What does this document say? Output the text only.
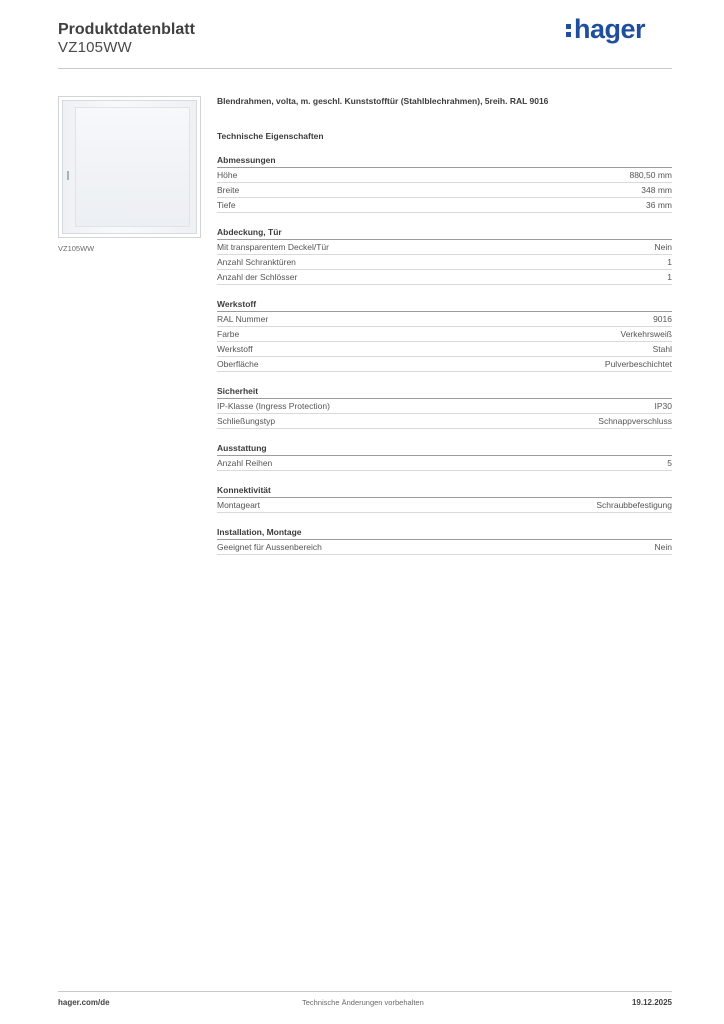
Produktdatenblatt
VZ105WW
hager
VZ105WW
Blendrahmen, volta, m. geschl. Kunststofftür (Stahlblechrahmen), 5reih. RAL 9016
Technische Eigenschaften
Abmessungen
Höhe	880,50 mm
Breite	348 mm
Tiefe	36 mm
Abdeckung, Tür
Mit transparentem Deckel/Tür	Nein
Anzahl Schranktüren	1
Anzahl der Schlösser	1
Werkstoff
RAL Nummer	9016
Farbe	Verkehrsweiß
Werkstoff	Stahl
Oberfläche	Pulverbeschichtet
Sicherheit
IP-Klasse (Ingress Protection)	IP30
Schließungstyp	Schnappverschluss
Ausstattung
Anzahl Reihen	5
Konnektivität
Montageart	Schraubbefestigung
Installation, Montage
Geeignet für Aussenbereich	Nein
hager.com/de	Technische Änderungen vorbehalten	19.12.2025
